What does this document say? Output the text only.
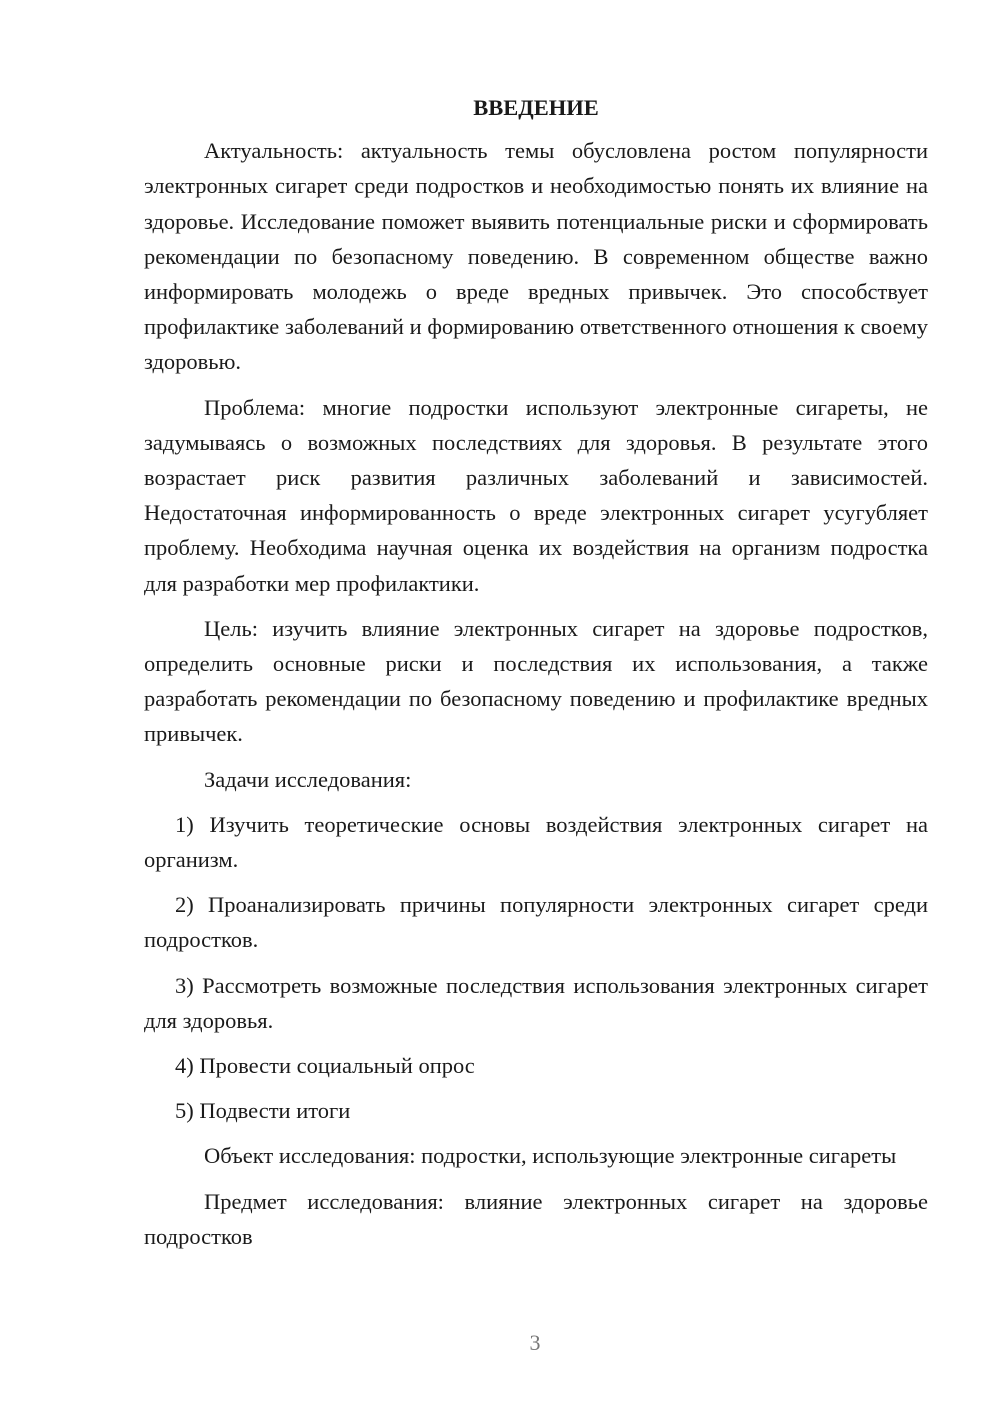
ВВЕДЕНИЕ

Актуальность: актуальность темы обусловлена ростом популярности электронных сигарет среди подростков и необходимостью понять их влияние на здоровье. Исследование поможет выявить потенциальные риски и сформировать рекомендации по безопасному поведению. В современном обществе важно информировать молодежь о вреде вредных привычек. Это способствует профилактике заболеваний и формированию ответственного отношения к своему здоровью.

Проблема: многие подростки используют электронные сигареты, не задумываясь о возможных последствиях для здоровья. В результате этого возрастает риск развития различных заболеваний и зависимостей. Недостаточная информированность о вреде электронных сигарет усугубляет проблему. Необходима научная оценка их воздействия на организм подростка для разработки мер профилактики.

Цель: изучить влияние электронных сигарет на здоровье подростков, определить основные риски и последствия их использования, а также разработать рекомендации по безопасному поведению и профилактике вредных привычек.

Задачи исследования:

1) Изучить теоретические основы воздействия электронных сигарет на организм.

2) Проанализировать причины популярности электронных сигарет среди подростков.

3) Рассмотреть возможные последствия использования электронных сигарет для здоровья.

4) Провести социальный опрос

5) Подвести итоги

Объект исследования: подростки, использующие электронные сигареты

Предмет исследования: влияние электронных сигарет на здоровье подростков

3
